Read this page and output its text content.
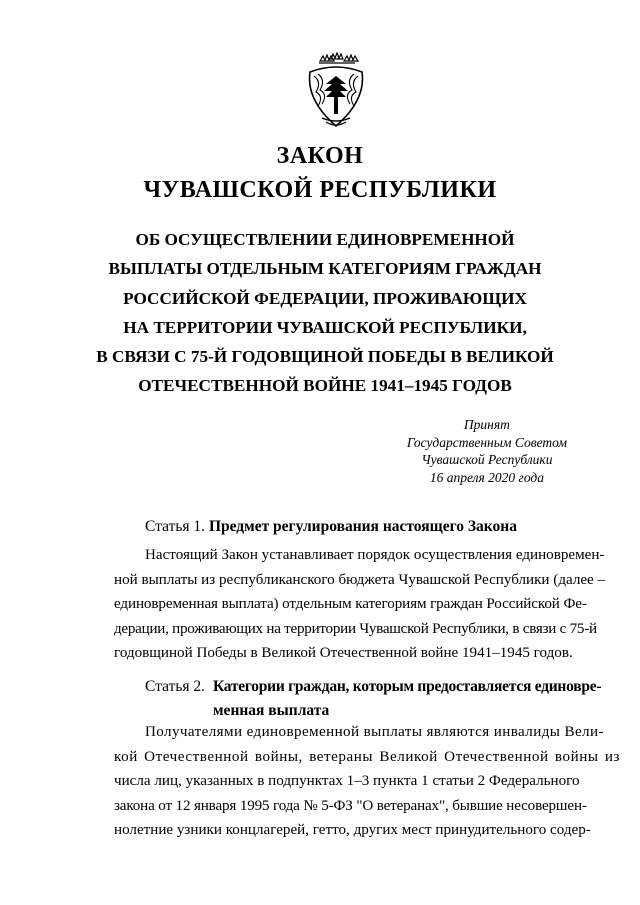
ЗАКОН
ЧУВАШСКОЙ РЕСПУБЛИКИ
ОБ ОСУЩЕСТВЛЕНИИ ЕДИНОВРЕМЕННОЙ
ВЫПЛАТЫ ОТДЕЛЬНЫМ КАТЕГОРИЯМ ГРАЖДАН
РОССИЙСКОЙ ФЕДЕРАЦИИ, ПРОЖИВАЮЩИХ
НА ТЕРРИТОРИИ ЧУВАШСКОЙ РЕСПУБЛИКИ,
В СВЯЗИ С 75-Й ГОДОВЩИНОЙ ПОБЕДЫ В ВЕЛИКОЙ
ОТЕЧЕСТВЕННОЙ ВОЙНЕ 1941–1945 ГОДОВ
Принят
Государственным Советом
Чувашской Республики
16 апреля 2020 года
Статья 1. Предмет регулирования настоящего Закона
Настоящий Закон устанавливает порядок осуществления единовремен-
ной выплаты из республиканского бюджета Чувашской Республики (далее –
единовременная выплата) отдельным категориям граждан Российской Фе-
дерации, проживающих на территории Чувашской Республики, в связи с 75-й
годовщиной Победы в Великой Отечественной войне 1941–1945 годов.
Статья 2. Категории граждан, которым предоставляется единовре-
менная выплата
Получателями единовременной выплаты являются инвалиды Вели-
кой Отечественной войны, ветераны Великой Отечественной войны из
числа лиц, указанных в подпунктах 1–3 пункта 1 статьи 2 Федерального
закона от 12 января 1995 года № 5-ФЗ "О ветеранах", бывшие несовершен-
нолетние узники концлагерей, гетто, других мест принудительного содер-
